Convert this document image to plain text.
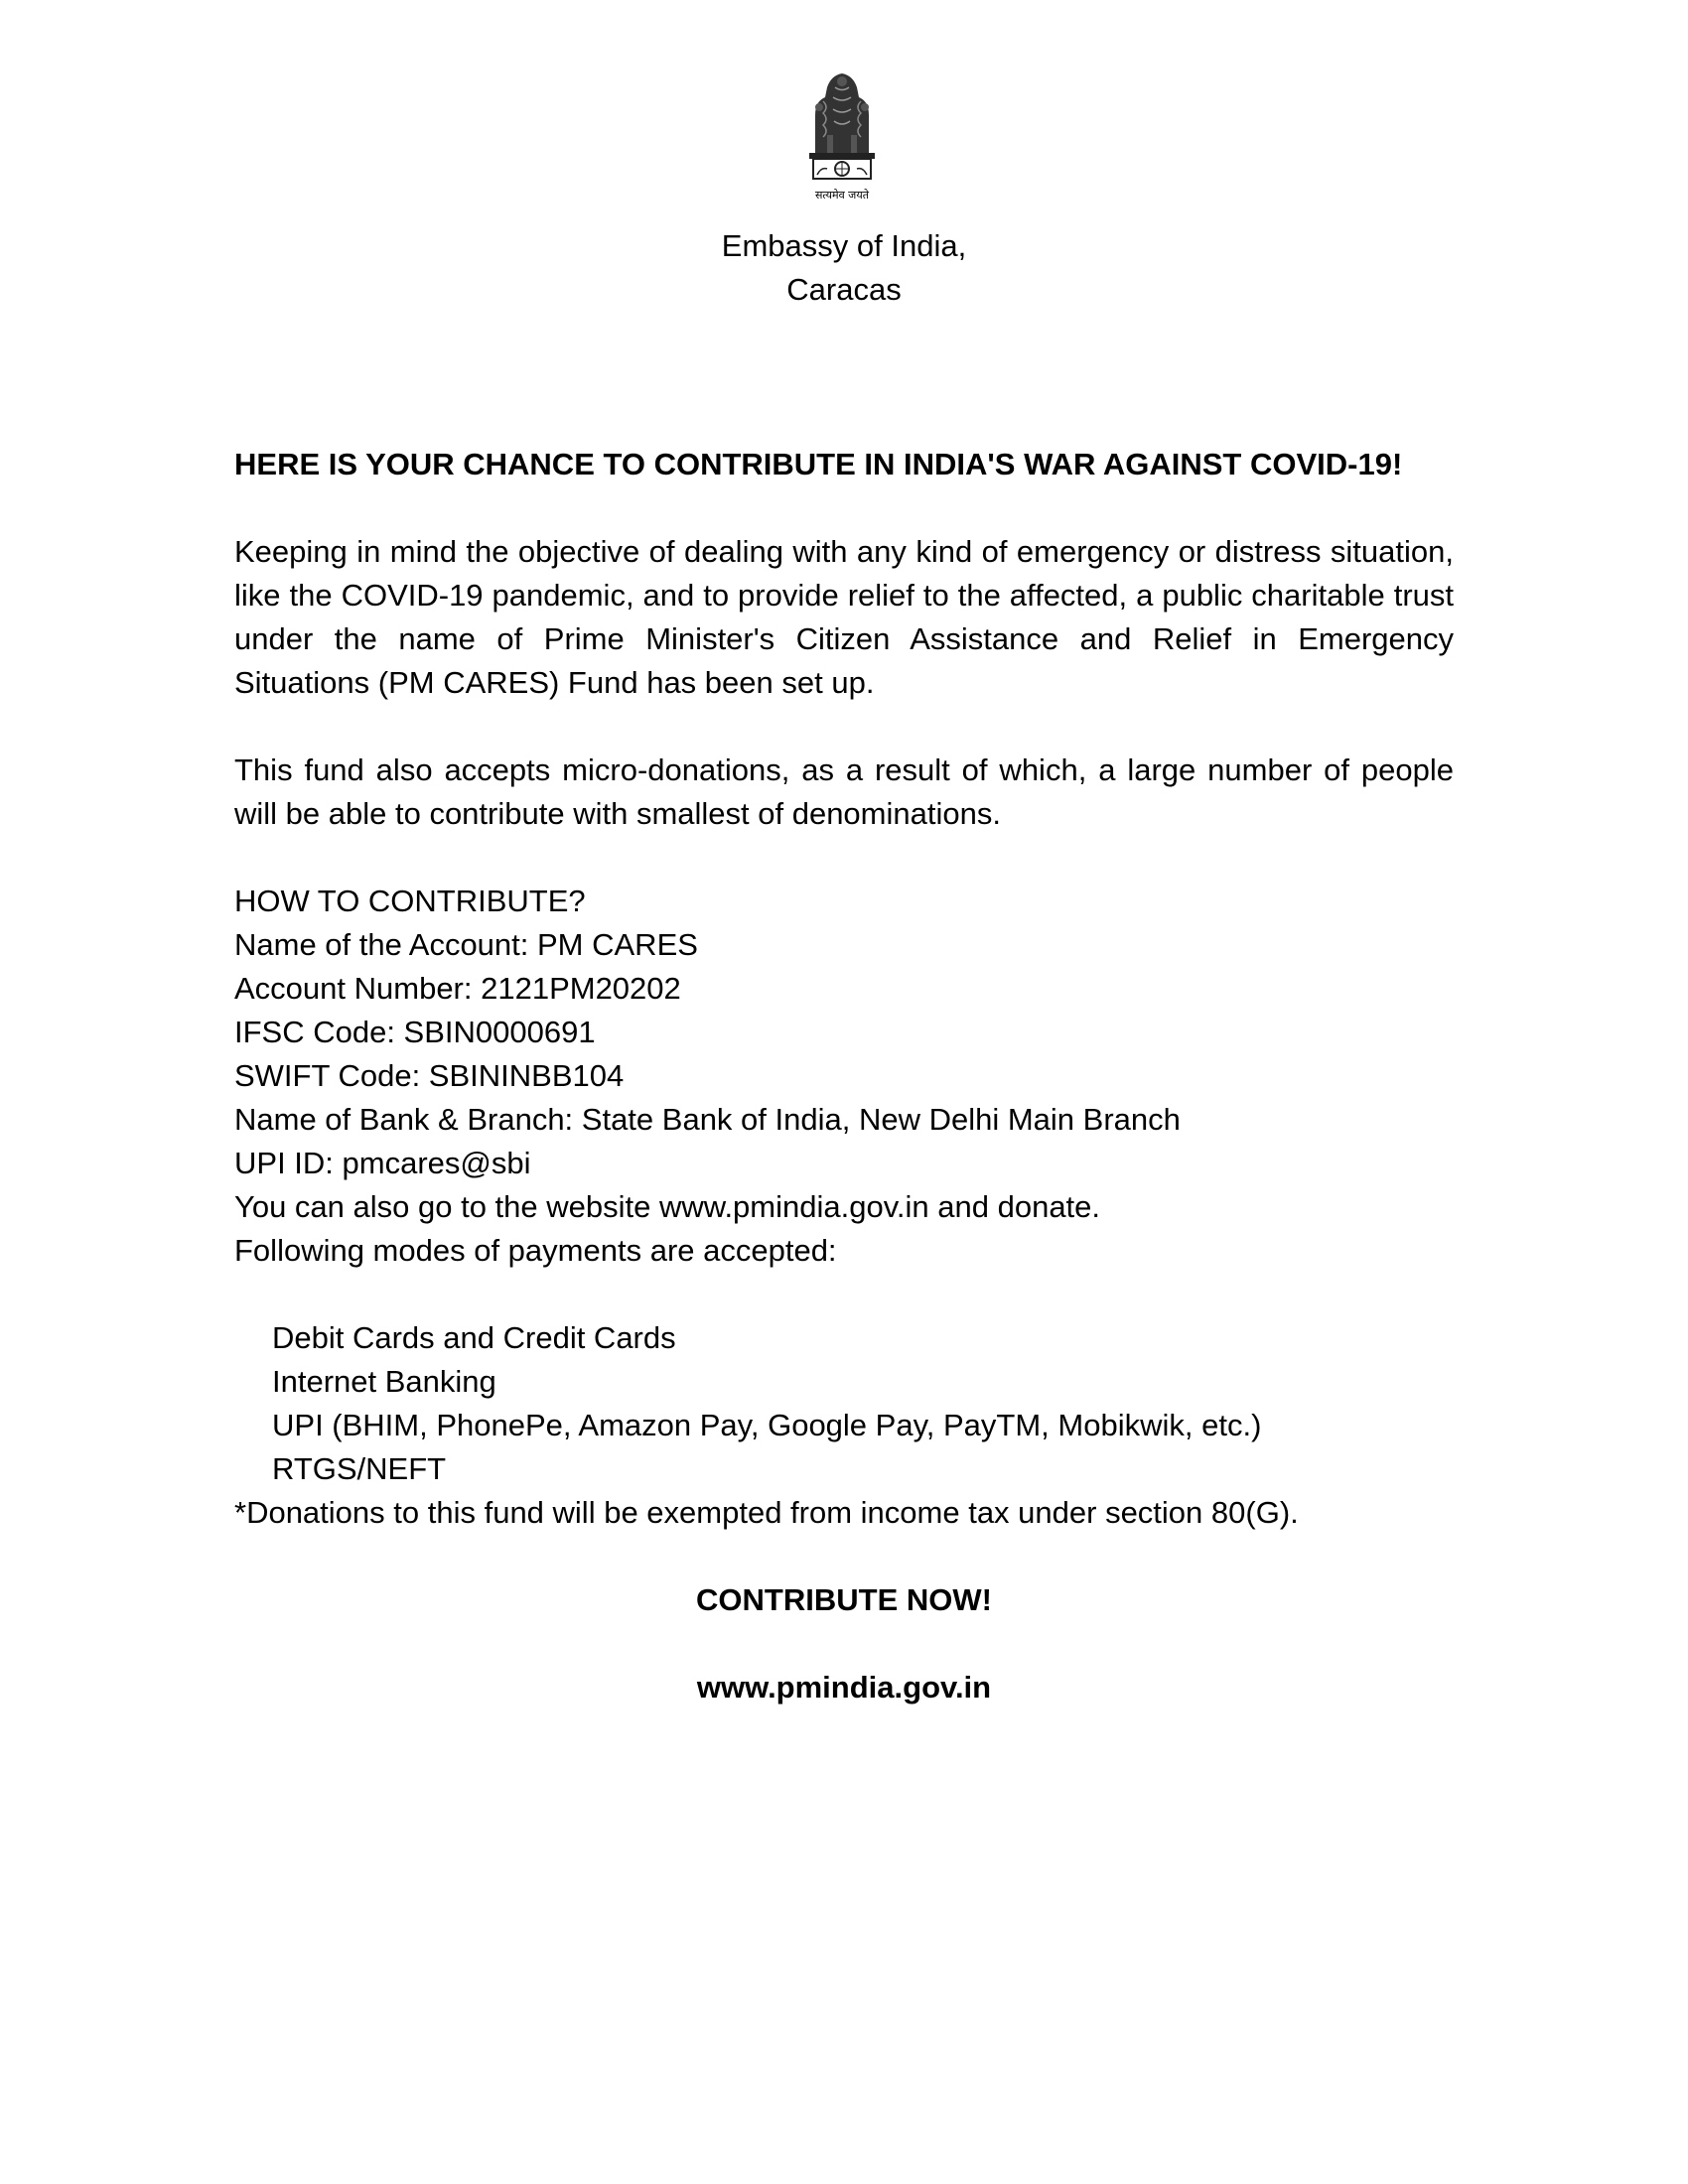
सत्यमेव जयते
Embassy of India,
Caracas

HERE IS YOUR CHANCE TO CONTRIBUTE IN INDIA'S WAR AGAINST COVID-19!

Keeping in mind the objective of dealing with any kind of emergency or distress situation, like the COVID-19 pandemic, and to provide relief to the affected, a public charitable trust under the name of Prime Minister's Citizen Assistance and Relief in Emergency Situations (PM CARES) Fund has been set up.

This fund also accepts micro-donations, as a result of which, a large number of people will be able to contribute with smallest of denominations.

HOW TO CONTRIBUTE?

Name of the Account: PM CARES

Account Number: 2121PM20202

IFSC Code: SBIN0000691

SWIFT Code: SBININBB104

Name of Bank & Branch: State Bank of India, New Delhi Main Branch

UPI ID: pmcares@sbi

You can also go to the website www.pmindia.gov.in and donate.

Following modes of payments are accepted:

Debit Cards and Credit Cards

Internet Banking

UPI (BHIM, PhonePe, Amazon Pay, Google Pay, PayTM, Mobikwik, etc.)

RTGS/NEFT

*Donations to this fund will be exempted from income tax under section 80(G).

CONTRIBUTE NOW!

www.pmindia.gov.in
